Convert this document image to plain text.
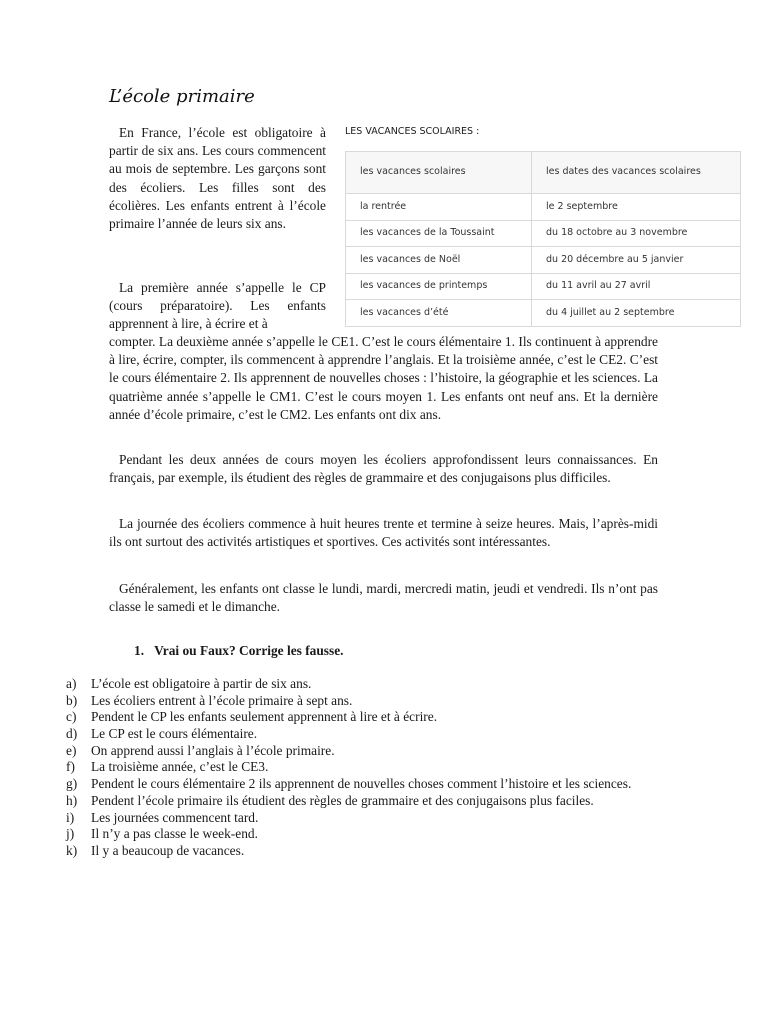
L’école primaire

En France, l’école est obligatoire à partir de six ans. Les cours commencent au mois de septembre. Les garçons sont des écoliers. Les filles sont des écolières. Les enfants entrent à l’école primaire l’année de leurs six ans.

LES VACANCES SCOLAIRES :

les vacances scolaires	les dates des vacances scolaires
la rentrée	le 2 septembre
les vacances de la Toussaint	du 18 octobre au 3 novembre
les vacances de Noël	du 20 décembre au 5 janvier
les vacances de printemps	du 11 avril au 27 avril
les vacances d’été	du 4 juillet au 2 septembre

La première année s’appelle le CP (cours préparatoire). Les enfants apprennent à lire, à écrire et à

compter. La deuxième année s’appelle le CE1. C’est le cours élémentaire 1. Ils continuent à apprendre à lire, écrire, compter, ils commencent à apprendre l’anglais. Et la troisième année, c’est le CE2. C’est le cours élémentaire 2. Ils apprennent de nouvelles choses : l’histoire, la géographie et les sciences. La quatrième année s’appelle le CM1. C’est le cours moyen 1. Les enfants ont neuf ans. Et la dernière année d’école primaire, c’est le CM2. Les enfants ont dix ans.

Pendant les deux années de cours moyen les écoliers approfondissent leurs connaissances. En français, par exemple, ils étudient des règles de grammaire et des conjugaisons plus difficiles.

La journée des écoliers commence à huit heures trente et termine à seize heures. Mais, l’après-midi ils ont surtout des activités artistiques et sportives. Ces activités sont intéressantes.

Généralement, les enfants ont classe le lundi, mardi, mercredi matin, jeudi et vendredi. Ils n’ont pas classe le samedi et le dimanche.

1.   Vrai ou Faux? Corrige les fausse.

a)	L’école est obligatoire à partir de six ans.
b)	Les écoliers entrent à l’école primaire à sept ans.
c)	Pendent le CP les enfants seulement apprennent à lire et à écrire.
d)	Le CP est le cours élémentaire.
e)	On apprend aussi l’anglais à l’école primaire.
f)	La troisième année, c’est le CE3.
g)	Pendent le cours élémentaire 2 ils apprennent de nouvelles choses comment l’histoire et les sciences.
h)	Pendent l’école primaire ils étudient des règles de grammaire et des conjugaisons plus faciles.
i)	Les journées commencent tard.
j)	Il n’y a pas classe le week-end.
k)	Il y a beaucoup de vacances.
